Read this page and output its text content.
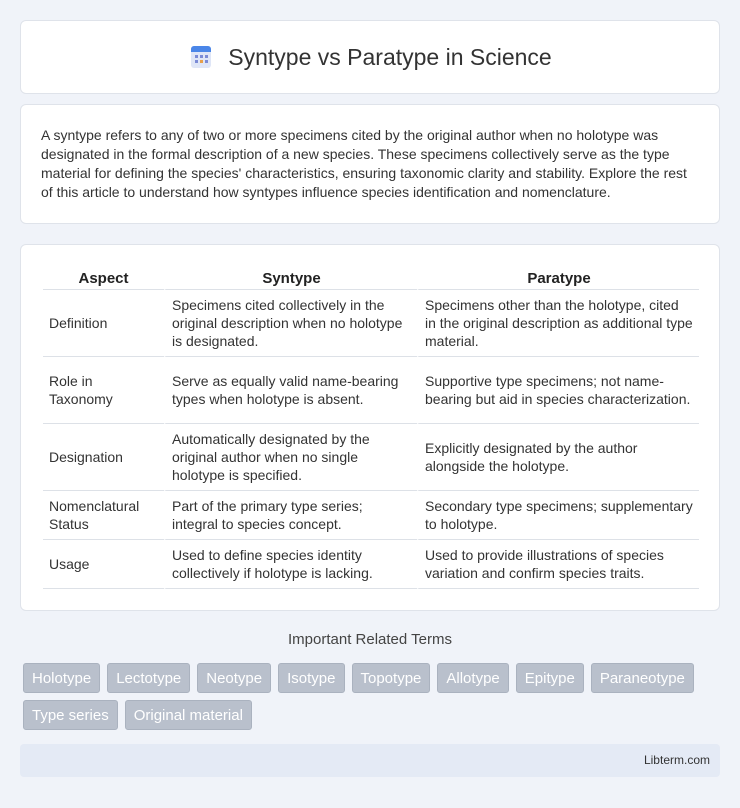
Syntype vs Paratype in Science

A syntype refers to any of two or more specimens cited by the original author when no holotype was designated in the formal description of a new species. These specimens collectively serve as the type material for defining the species' characteristics, ensuring taxonomic clarity and stability. Explore the rest of this article to understand how syntypes influence species identification and nomenclature.

Aspect	Syntype	Paratype
Definition	Specimens cited collectively in the original description when no holotype is designated.	Specimens other than the holotype, cited in the original description as additional type material.
Role in Taxonomy	Serve as equally valid name-bearing types when holotype is absent.	Supportive type specimens; not name-bearing but aid in species characterization.
Designation	Automatically designated by the original author when no single holotype is specified.	Explicitly designated by the author alongside the holotype.
Nomenclatural Status	Part of the primary type series; integral to species concept.	Secondary type specimens; supplementary to holotype.
Usage	Used to define species identity collectively if holotype is lacking.	Used to provide illustrations of species variation and confirm species traits.
Important Related Terms
Holotype	Lectotype	Neotype	Isotype	Topotype	Allotype	Epitype	Paraneotype
Type series	Original material
Libterm.com
